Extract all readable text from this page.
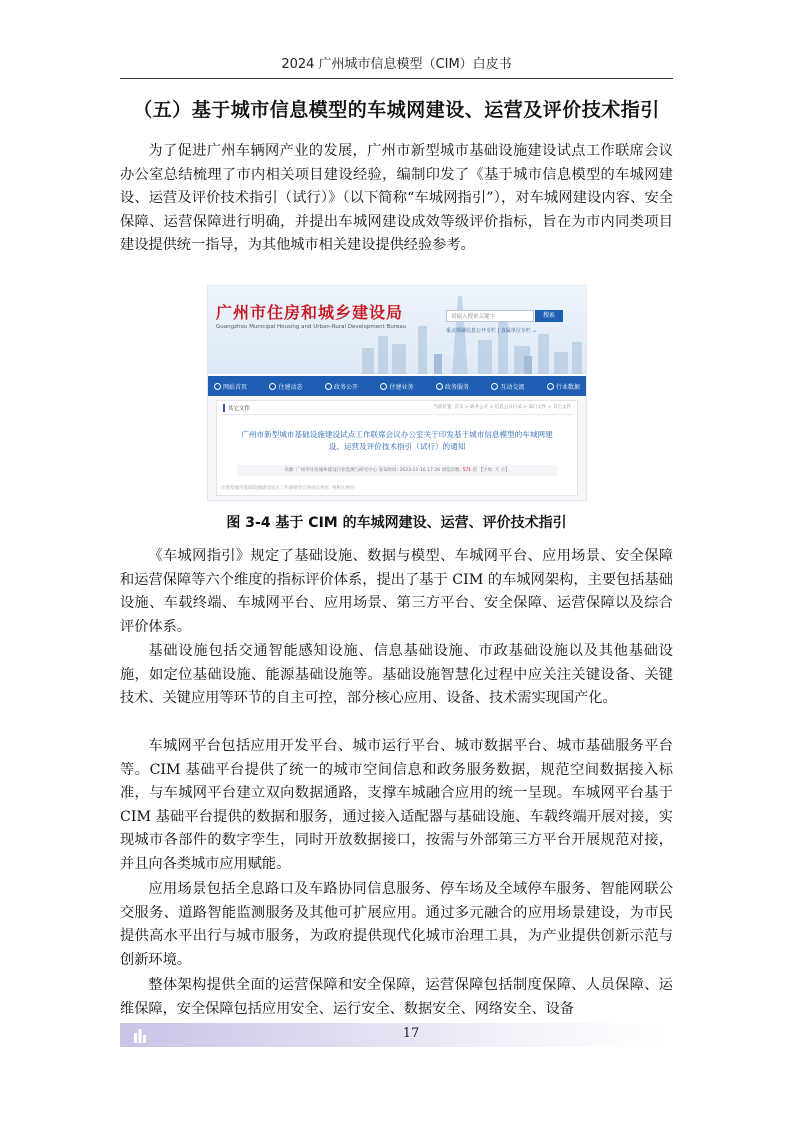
2024 广州城市信息模型（CIM）白皮书
（五）基于城市信息模型的车城网建设、运营及评价技术指引

为了促进广州车辆网产业的发展，广州市新型城市基础设施建设试点工作联席会议办公室总结梳理了市内相关项目建设经验，编制印发了《基于城市信息模型的车城网建设、运营及评价技术指引（试行）》（以下简称“车城网指引”），对车城网建设内容、安全保障、运营保障进行明确，并提出车城网建设成效等级评价指标，旨在为市内同类项目建设提供统一指导，为其他城市相关建设提供经验参考。

广州市住房和城乡建设局
Guangzhou Municipal Housing and Urban-Rural Development Bureau
请输入搜索关键字	搜索
重点领域信息公开专栏 | 直属单位专栏 ⌄
网站首页	住建动态	政务公开	住建业务	政务服务	互动交流	行业数据
其它文件	当前位置: 首页 > 政务公开 > 信息公开目录 > 部门文件 > 其它文件
广州市新型城市基础设施建设试点工作联席会议办公室关于印发基于城市信息模型的车城网建设、运营及评价技术指引（试行）的通知
来源: 广州市住房城乡建设行业监测与研究中心 发布时间: 2023-11-16 17:26 浏览次数: 571 次 【字体: 大 小】
市新型城市基础设施建设试点工作联席会议各成员单位, 各相关单位:
图 3-4 基于 CIM 的车城网建设、运营、评价技术指引

《车城网指引》规定了基础设施、数据与模型、车城网平台、应用场景、安全保障和运营保障等六个维度的指标评价体系，提出了基于 CIM 的车城网架构，主要包括基础设施、车载终端、车城网平台、应用场景、第三方平台、安全保障、运营保障以及综合评价体系。

基础设施包括交通智能感知设施、信息基础设施、市政基础设施以及其他基础设施，如定位基础设施、能源基础设施等。基础设施智慧化过程中应关注关键设备、关键技术、关键应用等环节的自主可控，部分核心应用、设备、技术需实现国产化。

车城网平台包括应用开发平台、城市运行平台、城市数据平台、城市基础服务平台等。CIM 基础平台提供了统一的城市空间信息和政务服务数据，规范空间数据接入标准，与车城网平台建立双向数据通路，支撑车城融合应用的统一呈现。车城网平台基于 CIM 基础平台提供的数据和服务，通过接入适配器与基础设施、车载终端开展对接，实现城市各部件的数字孪生，同时开放数据接口，按需与外部第三方平台开展规范对接，并且向各类城市应用赋能。

应用场景包括全息路口及车路协同信息服务、停车场及全域停车服务、智能网联公交服务、道路智能监测服务及其他可扩展应用。通过多元融合的应用场景建设，为市民提供高水平出行与城市服务，为政府提供现代化城市治理工具，为产业提供创新示范与创新环境。

整体架构提供全面的运营保障和安全保障，运营保障包括制度保障、人员保障、运维保障，安全保障包括应用安全、运行安全、数据安全、网络安全、设备

17
